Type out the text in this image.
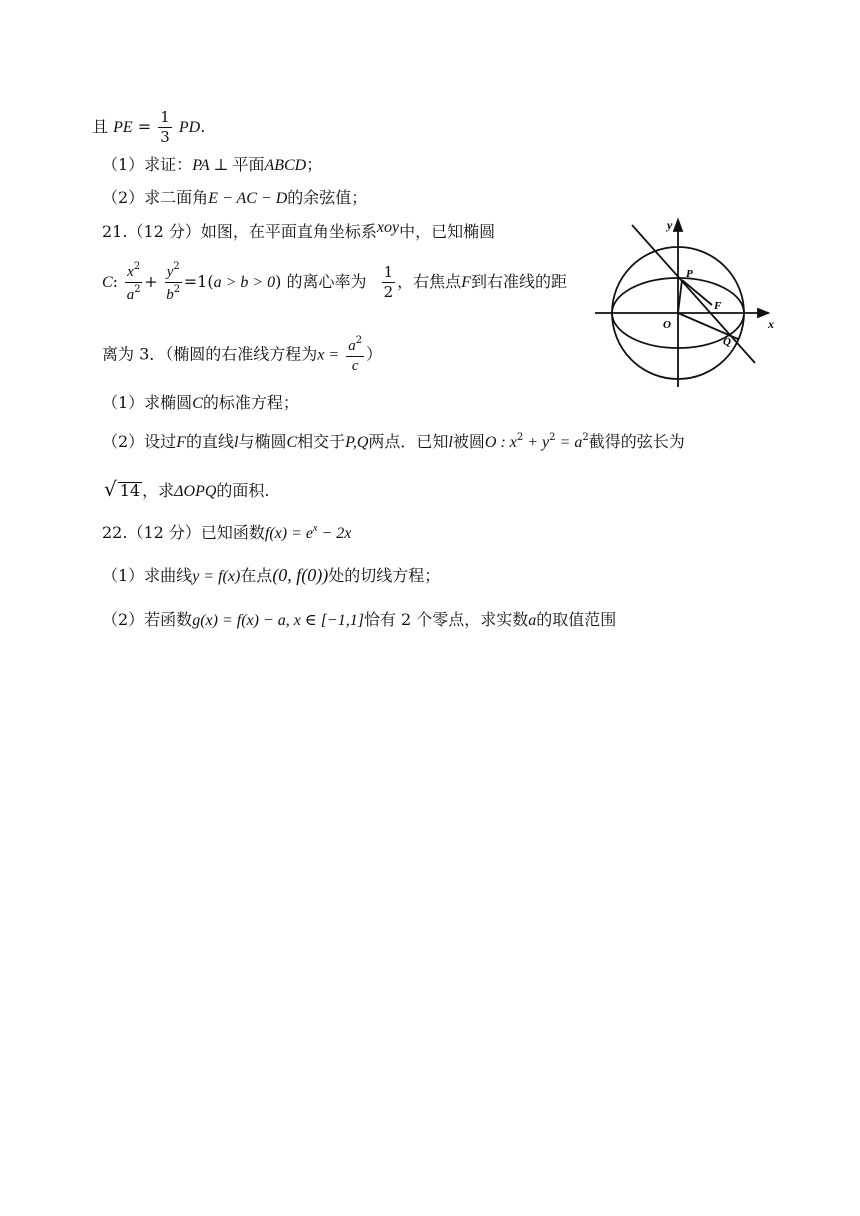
且 PE = $\frac{1}{3}$ PD.
（1）求证：PA ⊥ 平面ABCD；
（2）求二面角E − AC − D的余弦值；
21.（12 分）如图，在平面直角坐标系xoy中，已知椭圆
C: $\frac{x^2}{a^2} + \frac{y^2}{b^2} =1(a > b > 0)$ 的离心率为 $\frac{1}{2}$ ，右焦点F到右准线的距
离为 3．（椭圆的右准线方程为$x = \frac{a^2}{c}$ ）
（1）求椭圆C的标准方程；
（2）设过F的直线l与椭圆C相交于P,Q两点．已知l被圆O : $x^2 + y^2 = a^2$截得的弦长为
√ 14 ，求ΔOPQ的面积.
22.（12 分）已知函数$f(x) = e^x - 2x$
（1）求曲线y = f(x)在点(0, f(0))处的切线方程；
（2）若函数g(x) = f(x) − a, x ∈ [−1,1]恰有 2 个零点，求实数a的取值范围
y
x
P
F
O
Q
